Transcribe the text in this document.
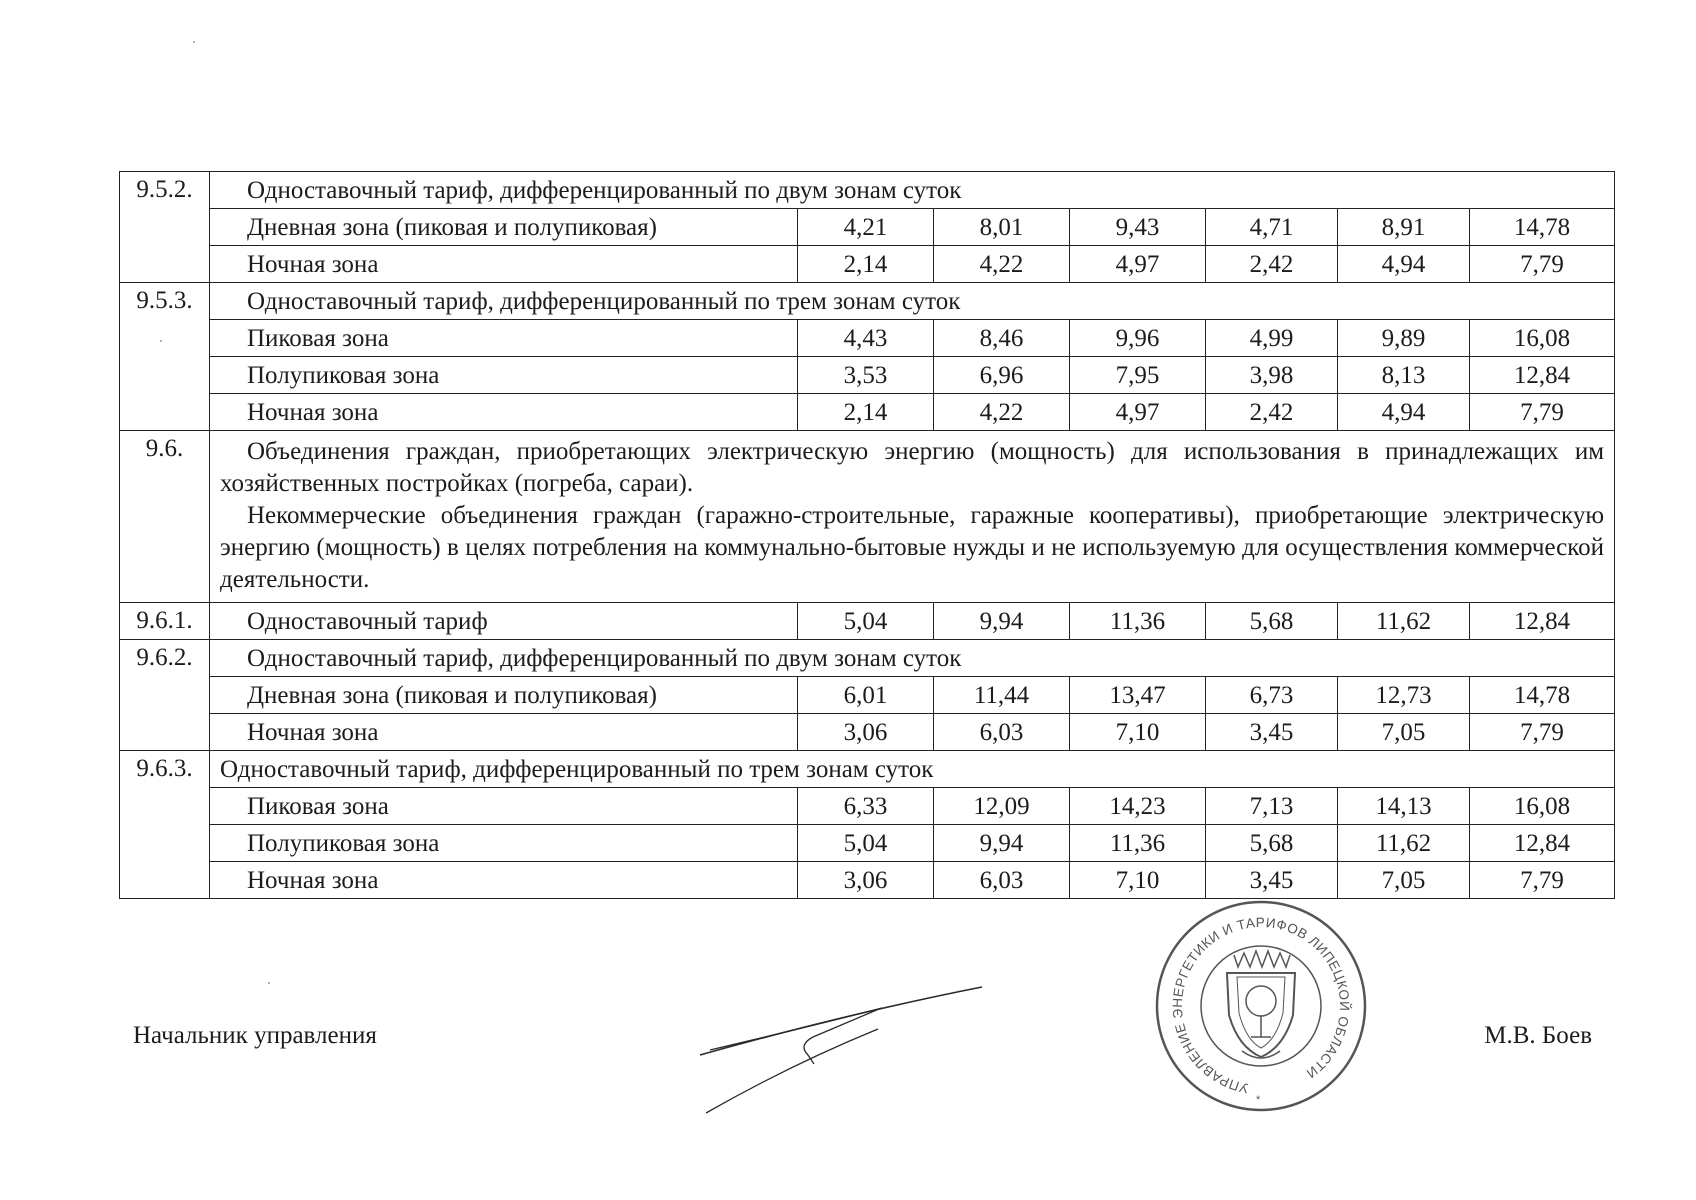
9.5.2.	Одноставочный тариф, дифференцированный по двум зонам суток						
	Дневная зона (пиковая и полупиковая)	4,21	8,01	9,43	4,71	8,91	14,78
	Ночная зона	2,14	4,22	4,97	2,42	4,94	7,79
9.5.3.	Одноставочный тариф, дифференцированный по трем зонам суток						
	Пиковая зона	4,43	8,46	9,96	4,99	9,89	16,08
	Полупиковая зона	3,53	6,96	7,95	3,98	8,13	12,84
	Ночная зона	2,14	4,22	4,97	2,42	4,94	7,79
9.6.	Объединения граждан, приобретающих электрическую энергию (мощность) для использования в принадлежащих им хозяйственных постройках (погреба, сараи).

Некоммерческие объединения граждан (гаражно-строительные, гаражные кооперативы), приобретающие электрическую энергию (мощность) в целях потребления на коммунально-бытовые нужды и не используемую для осуществления коммерческой деятельности.						

9.6.1.	Одноставочный тариф	5,04	9,94	11,36	5,68	11,62	12,84
9.6.2.	Одноставочный тариф, дифференцированный по двум зонам суток						
	Дневная зона (пиковая и полупиковая)	6,01	11,44	13,47	6,73	12,73	14,78
	Ночная зона	3,06	6,03	7,10	3,45	7,05	7,79
9.6.3.	Одноставочный тариф, дифференцированный по трем зонам суток						
	Пиковая зона	6,33	12,09	14,23	7,13	14,13	16,08
	Полупиковая зона	5,04	9,94	11,36	5,68	11,62	12,84
	Ночная зона	3,06	6,03	7,10	3,45	7,05	7,79
Начальник управления
УПРАВЛЕНИЕ ЭНЕРГЕТИКИ И ТАРИФОВ ЛИПЕЦКОЙ ОБЛАСТИ
*
М.В. Боев
